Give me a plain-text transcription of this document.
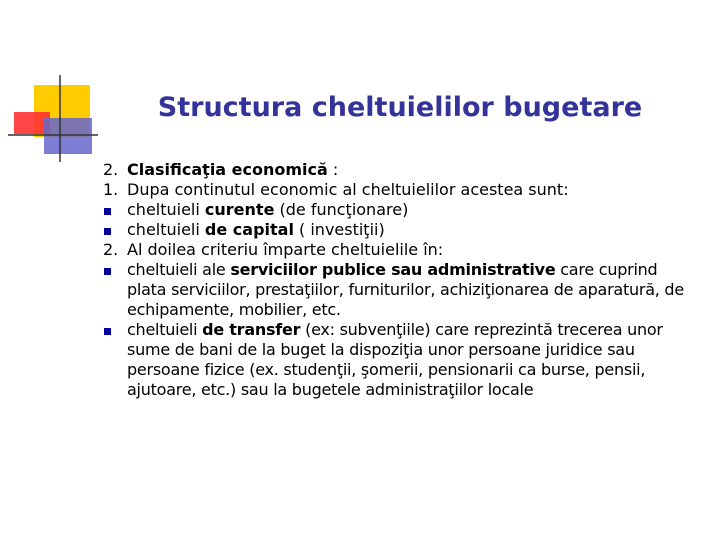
Structura cheltuielilor bugetare
2. Clasificaţia economică :
1. Dupa continutul economic al cheltuielilor acestea sunt:
cheltuieli curente (de funcţionare)
cheltuieli de capital ( investiţii)
2. Al doilea criteriu împarte cheltuielile în:
cheltuieli ale serviciilor publice sau administrative care cuprind plata serviciilor, prestaţiilor, furniturilor, achiziţionarea de aparatură, de echipamente, mobilier, etc.
cheltuieli de transfer (ex: subvenţiile) care reprezintă trecerea unor sume de bani de la buget la dispoziţia unor persoane juridice sau persoane fizice (ex. studenţii, şomerii, pensionarii ca burse, pensii, ajutoare, etc.) sau la bugetele administraţiilor locale
